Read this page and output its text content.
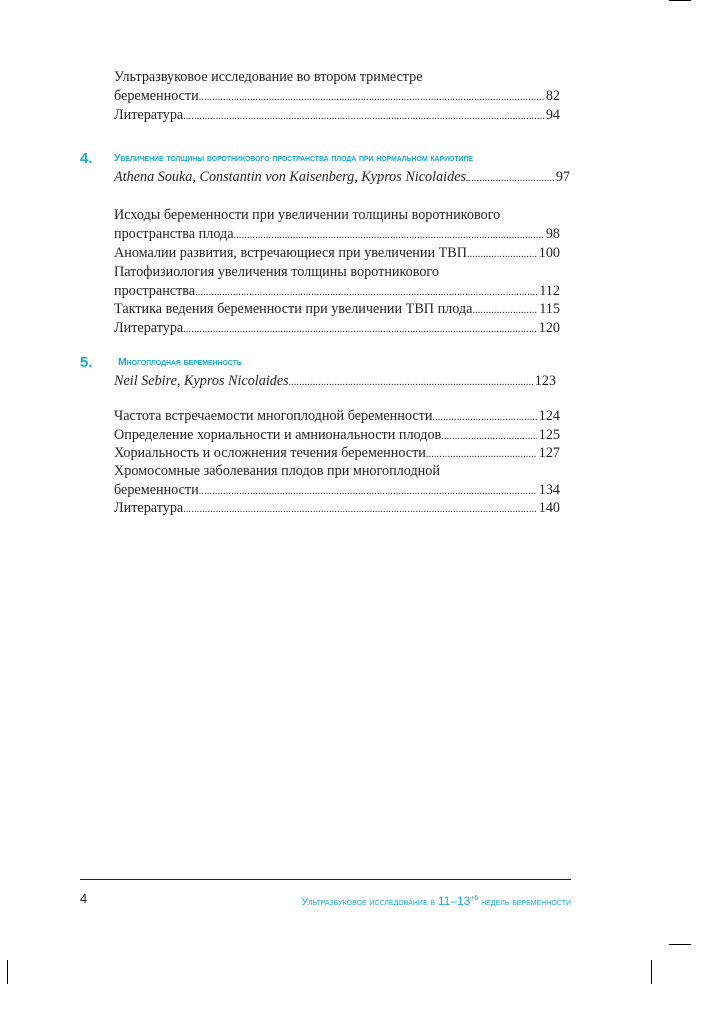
Ультразвуковое исследование во втором триместре
беременности .....	82
Литература .....	94
4. Увеличение толщины воротникового пространства плода при нормальном кариотипе
Athena Souka, Constantin von Kaisenberg, Kypros Nicolaides .....	97
Исходы беременности при увеличении толщины воротникового
пространства плода .....	98
Аномалии развития, встречающиеся при увеличении ТВП .....	100
Патофизиология увеличения толщины воротникового
пространства .....	112
Тактика ведения беременности при увеличении ТВП плода .....	115
Литература .....	120
5. Многоплодная беременность
Neil Sebire, Kypros Nicolaides .....	123
Частота встречаемости многоплодной беременности .....	124
Определение хориальности и амниональности плодов .....	125
Хориальность и осложнения течения беременности .....	127
Хромосомные заболевания плодов при многоплодной
беременности .....	134
Литература .....	140
4	Ультразвуковое исследование в $11-13^{+6}$ недель беременности
